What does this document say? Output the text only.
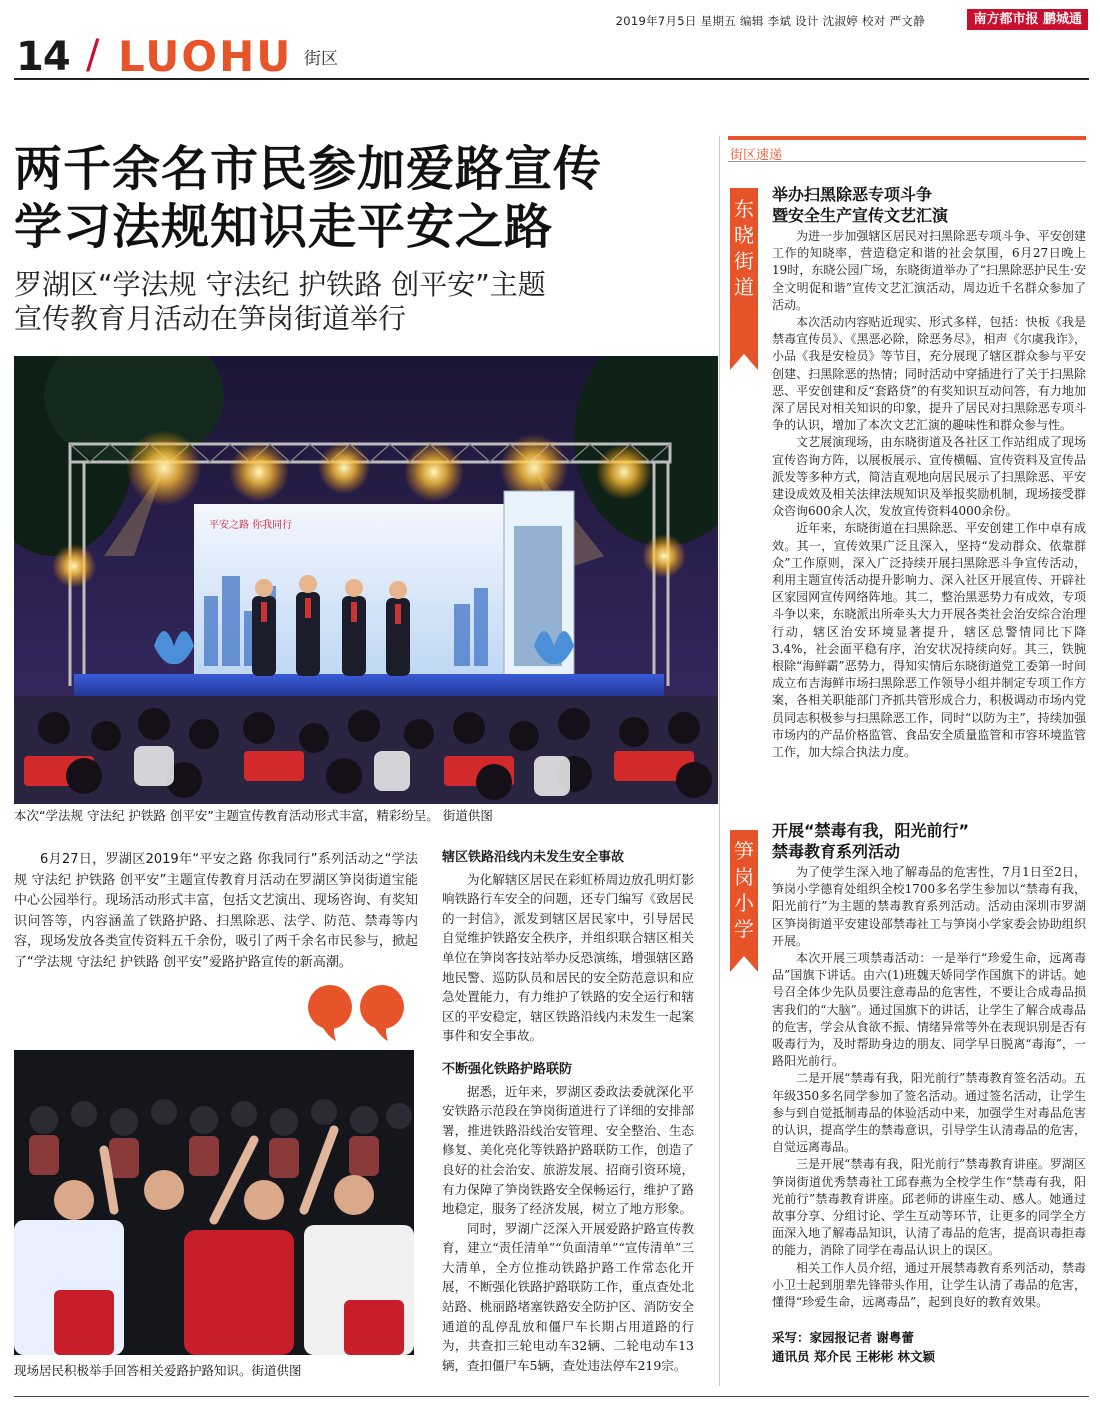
2019年7月5日 星期五 编辑 李斌 设计 沈淑婷 校对 严文静	南方都市报 鹏城通
14 / LUOHU 街区
两千余名市民参加爱路宣传
学习法规知识走平安之路
罗湖区“学法规 守法纪 护铁路 创平安”主题
宣传教育月活动在笋岗街道举行
平安之路 你我同行
本次“学法规 守法纪 护铁路 创平安”主题宣传教育活动形式丰富，精彩纷呈。 街道供图
6月27日，罗湖区2019年“平安之路 你我同行”系列活动之“学法规 守法纪 护铁路 创平安”主题宣传教育月活动在罗湖区笋岗街道宝能中心公园举行。现场活动形式丰富，包括文艺演出、现场咨询、有奖知识问答等，内容涵盖了铁路护路、扫黑除恶、法学、防范、禁毒等内容，现场发放各类宣传资料五千余份，吸引了两千余名市民参与，掀起了“学法规 守法纪 护铁路 创平安”爱路护路宣传的新高潮。
辖区铁路沿线内未发生安全事故

为化解辖区居民在彩虹桥周边放孔明灯影响铁路行车安全的问题，还专门编写《致居民的一封信》，派发到辖区居民家中，引导居民自觉维护铁路安全秩序，并组织联合辖区相关单位在笋岗客技站举办反恐演练，增强辖区路地民警、巡防队员和居民的安全防范意识和应急处置能力，有力维护了铁路的安全运行和辖区的平安稳定，辖区铁路沿线内未发生一起案事件和安全事故。

不断强化铁路护路联防

据悉，近年来，罗湖区委政法委就深化平安铁路示范段在笋岗街道进行了详细的安排部署，推进铁路沿线治安管理、安全整治、生态修复、美化亮化等铁路护路联防工作，创造了良好的社会治安、旅游发展、招商引资环境，有力保障了笋岗铁路安全保畅运行，维护了路地稳定，服务了经济发展，树立了地方形象。

同时，罗湖广泛深入开展爱路护路宣传教育，建立“责任清单”“负面清单”“宣传清单”三大清单，全方位推动铁路护路工作常态化开展，不断强化铁路护路联防工作，重点查处北站路、桃丽路堵塞铁路安全防护区、消防安全通道的乱停乱放和僵尸车长期占用道路的行为，共查扣三轮电动车32辆、二轮电动车13辆，查扣僵尸车5辆，查处违法停车219宗。

现场居民积极举手回答相关爱路护路知识。街道供图
街区速递
东晓街道
举办扫黑除恶专项斗争
暨安全生产宣传文艺汇演

为进一步加强辖区居民对扫黑除恶专项斗争、平安创建工作的知晓率，营造稳定和谐的社会氛围，6月27日晚上19时，东晓公园广场，东晓街道举办了“扫黑除恶护民生·安全文明促和谐”宣传文艺汇演活动，周边近千名群众参加了活动。

本次活动内容贴近现实、形式多样，包括：快板《我是禁毒宣传员》、《黑恶必除，除恶务尽》，相声《尔虞我诈》，小品《我是安检员》等节目，充分展现了辖区群众参与平安创建、扫黑除恶的热情；同时活动中穿插进行了关于扫黑除恶、平安创建和反“套路贷”的有奖知识互动问答，有力地加深了居民对相关知识的印象，提升了居民对扫黑除恶专项斗争的认识，增加了本次文艺汇演的趣味性和群众参与性。

文艺展演现场，由东晓街道及各社区工作站组成了现场宣传咨询方阵，以展板展示、宣传横幅、宣传资料及宣传品派发等多种方式，简洁直观地向居民展示了扫黑除恶、平安建设成效及相关法律法规知识及举报奖励机制，现场接受群众咨询600余人次，发放宣传资料4000余份。

近年来，东晓街道在扫黑除恶、平安创建工作中卓有成效。其一，宣传效果广泛且深入，坚持“发动群众、依靠群众”工作原则，深入广泛持续开展扫黑除恶斗争宣传活动，利用主题宣传活动提升影响力、深入社区开展宣传、开辟社区家园网宣传网络阵地。其二，整治黑恶势力有成效，专项斗争以来，东晓派出所牵头大力开展各类社会治安综合治理行动，辖区治安环境显著提升，辖区总警情同比下降3.4%，社会面平稳有序，治安状况持续向好。其三，铁腕根除“海鲜霸”恶势力，得知实情后东晓街道党工委第一时间成立布吉海鲜市场扫黑除恶工作领导小组并制定专项工作方案，各相关职能部门齐抓共管形成合力，积极调动市场内党员同志积极参与扫黑除恶工作，同时“以防为主”，持续加强市场内的产品价格监管、食品安全质量监管和市容环境监管工作，加大综合执法力度。

笋岗小学
开展“禁毒有我，阳光前行”
禁毒教育系列活动

为了使学生深入地了解毒品的危害性，7月1日至2日，笋岗小学德育处组织全校1700多名学生参加以“禁毒有我，阳光前行”为主题的禁毒教育系列活动。活动由深圳市罗湖区笋岗街道平安建设部禁毒社工与笋岗小学家委会协助组织开展。

本次开展三项禁毒活动：一是举行“珍爱生命，远离毒品”国旗下讲话。由六(1)班魏天娇同学作国旗下的讲话。她号召全体少先队员要注意毒品的危害性，不要让合成毒品损害我们的“大脑”。通过国旗下的讲话，让学生了解合成毒品的危害，学会从食欲不振、情绪异常等外在表现识别是否有吸毒行为，及时帮助身边的朋友、同学早日脱离“毒海”，一路阳光前行。

二是开展“禁毒有我，阳光前行”禁毒教育签名活动。五年级350多名同学参加了签名活动。通过签名活动，让学生参与到自觉抵制毒品的体验活动中来，加强学生对毒品危害的认识，提高学生的禁毒意识，引导学生认清毒品的危害，自觉远离毒品。

三是开展“禁毒有我，阳光前行”禁毒教育讲座。罗湖区笋岗街道优秀禁毒社工邱春燕为全校学生作“禁毒有我，阳光前行”禁毒教育讲座。邱老师的讲座生动、感人。她通过故事分享、分组讨论、学生互动等环节，让更多的同学全方面深入地了解毒品知识，认清了毒品的危害，提高识毒拒毒的能力，消除了同学在毒品认识上的误区。

相关工作人员介绍，通过开展禁毒教育系列活动，禁毒小卫士起到朋辈先锋带头作用，让学生认清了毒品的危害，懂得“珍爱生命，远离毒品”，起到良好的教育效果。

采写：家园报记者 谢粤蕾
通讯员 郑介民 王彬彬 林文颖
